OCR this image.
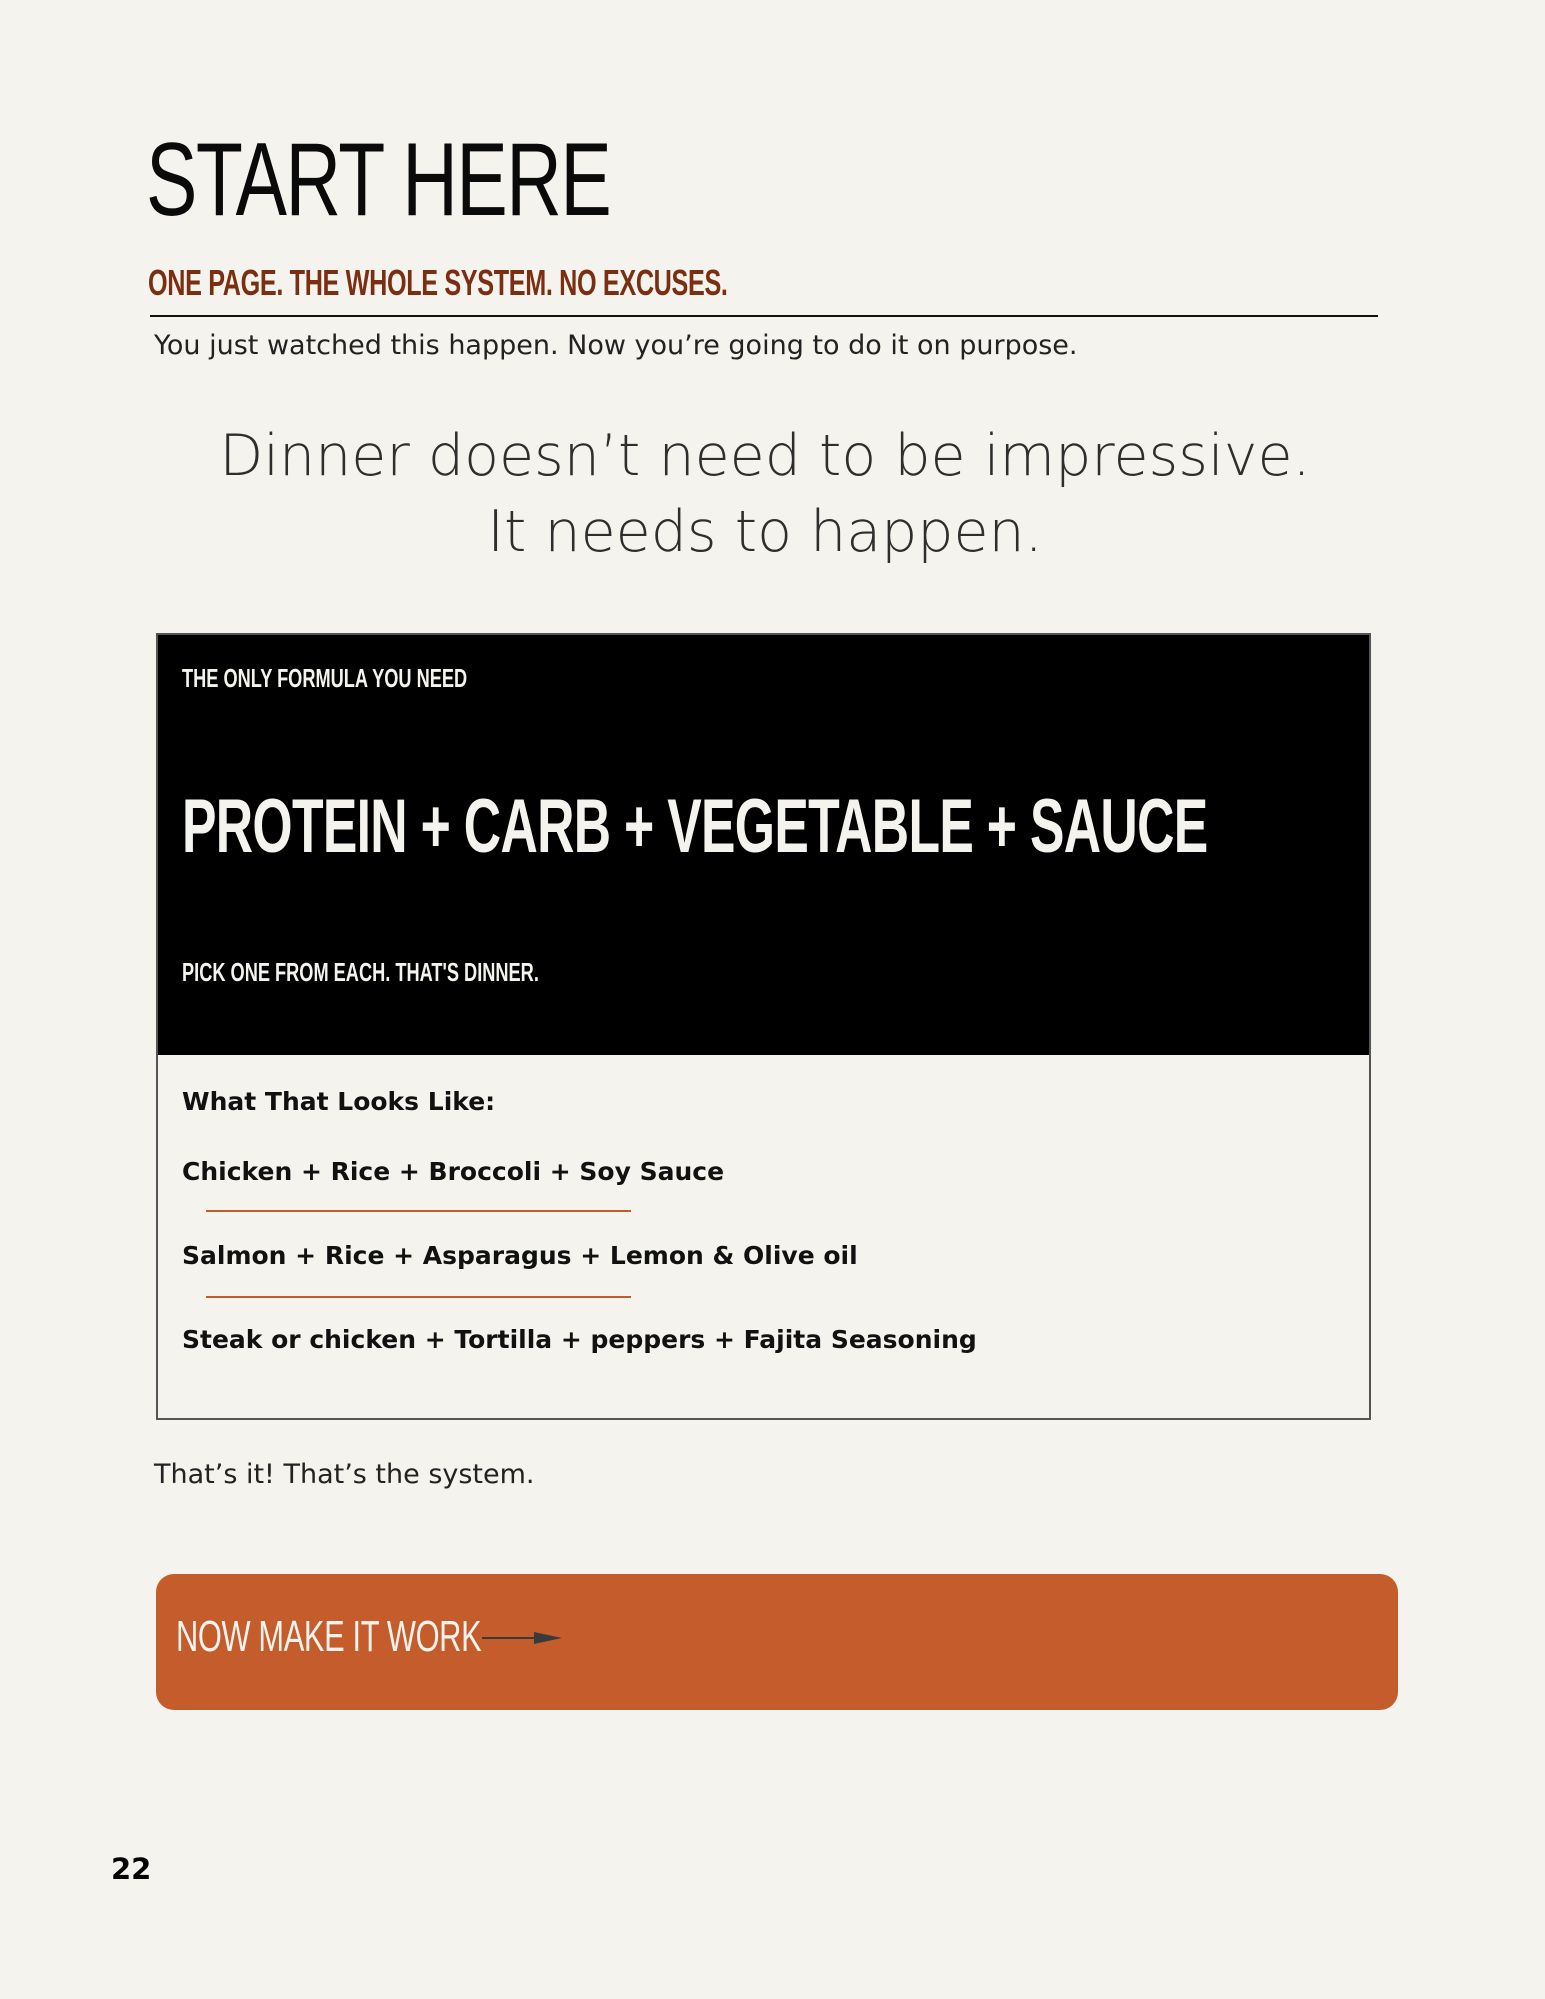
START HERE
ONE PAGE. THE WHOLE SYSTEM. NO EXCUSES.
You just watched this happen. Now you’re going to do it on purpose.
Dinner doesn’t need to be impressive.
It needs to happen.
THE ONLY FORMULA YOU NEED
PROTEIN + CARB + VEGETABLE + SAUCE
PICK ONE FROM EACH. THAT'S DINNER.
What That Looks Like:
Chicken + Rice + Broccoli + Soy Sauce
Salmon + Rice + Asparagus + Lemon & Olive oil
Steak or chicken + Tortilla + peppers + Fajita Seasoning
That’s it! That’s the system.
NOW MAKE IT WORK
22
